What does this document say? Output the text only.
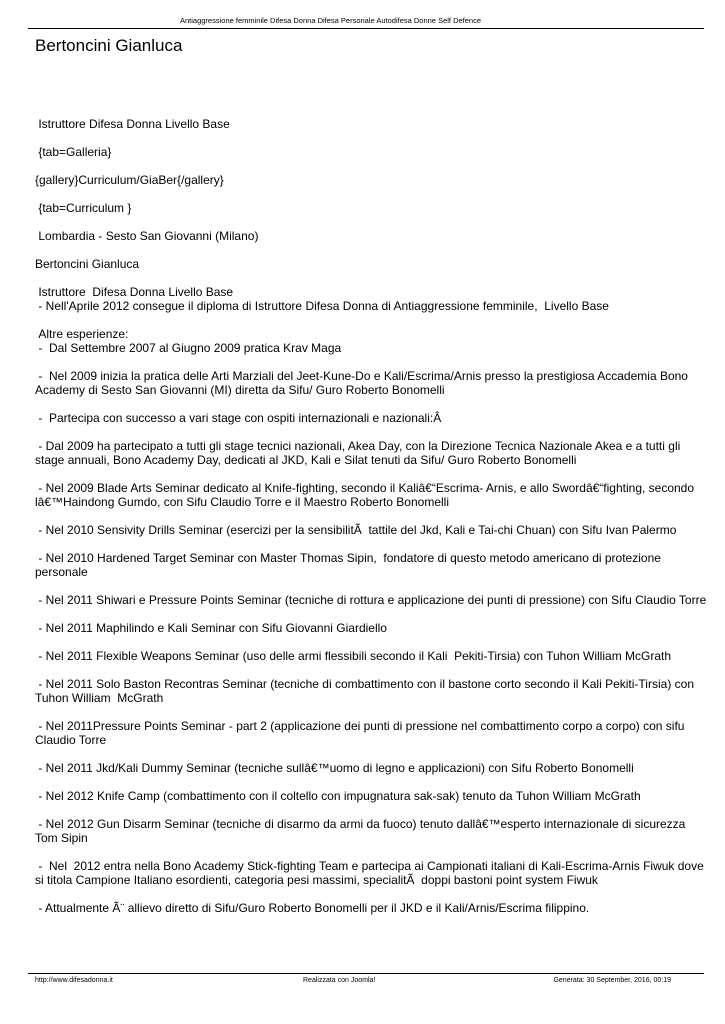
Antiaggressione femminile Difesa Donna Difesa Personale Autodifesa Donne Self Defence
Bertoncini Gianluca

Istruttore Difesa Donna Livello Base

{tab=Galleria}

{gallery}Curriculum/GiaBer{/gallery}

{tab=Curriculum }

Lombardia - Sesto San Giovanni (Milano)

Bertoncini Gianluca

Istruttore  Difesa Donna Livello Base
- Nell'Aprile 2012 consegue il diploma di Istruttore Difesa Donna di Antiaggressione femminile,  Livello Base

Altre esperienze:
-  Dal Settembre 2007 al Giugno 2009 pratica Krav Maga

-  Nel 2009 inizia la pratica delle Arti Marziali del Jeet-Kune-Do e Kali/Escrima/Arnis presso la prestigiosa Accademia Bono Academy di Sesto San Giovanni (MI) diretta da Sifu/ Guro Roberto Bonomelli

-  Partecipa con successo a vari stage con ospiti internazionali e nazionali:Â

- Dal 2009 ha partecipato a tutti gli stage tecnici nazionali, Akea Day, con la Direzione Tecnica Nazionale Akea e a tutti gli stage annuali, Bono Academy Day, dedicati al JKD, Kali e Silat tenuti da Sifu/ Guro Roberto Bonomelli

- Nel 2009 Blade Arts Seminar dedicato al Knife-fighting, secondo il Kaliâ€“Escrima- Arnis, e allo Swordâ€“fighting, secondo lâ€™Haindong Gumdo, con Sifu Claudio Torre e il Maestro Roberto Bonomelli

- Nel 2010 Sensivity Drills Seminar (esercizi per la sensibilitÃ  tattile del Jkd, Kali e Tai-chi Chuan) con Sifu Ivan Palermo

- Nel 2010 Hardened Target Seminar con Master Thomas Sipin,  fondatore di questo metodo americano di protezione personale

- Nel 2011 Shiwari e Pressure Points Seminar (tecniche di rottura e applicazione dei punti di pressione) con Sifu Claudio Torre

- Nel 2011 Maphilindo e Kali Seminar con Sifu Giovanni Giardiello

- Nel 2011 Flexible Weapons Seminar (uso delle armi flessibili secondo il Kali  Pekiti-Tirsia) con Tuhon William McGrath

- Nel 2011 Solo Baston Recontras Seminar (tecniche di combattimento con il bastone corto secondo il Kali Pekiti-Tirsia) con Tuhon William  McGrath

- Nel 2011Pressure Points Seminar - part 2 (applicazione dei punti di pressione nel combattimento corpo a corpo) con sifu Claudio Torre

- Nel 2011 Jkd/Kali Dummy Seminar (tecniche sullâ€™uomo di legno e applicazioni) con Sifu Roberto Bonomelli

- Nel 2012 Knife Camp (combattimento con il coltello con impugnatura sak-sak) tenuto da Tuhon William McGrath

- Nel 2012 Gun Disarm Seminar (tecniche di disarmo da armi da fuoco) tenuto dallâ€™esperto internazionale di sicurezza Tom Sipin

-  Nel  2012 entra nella Bono Academy Stick-fighting Team e partecipa ai Campionati italiani di Kali-Escrima-Arnis Fiwuk dove si titola Campione Italiano esordienti, categoria pesi massimi, specialitÃ  doppi bastoni point system Fiwuk

- Attualmente Ã¨ allievo diretto di Sifu/Guro Roberto Bonomelli per il JKD e il Kali/Arnis/Escrima filippino.

http://www.difesadonna.it	Realizzata con Joomla!	Generata: 30 September, 2016, 00:19
